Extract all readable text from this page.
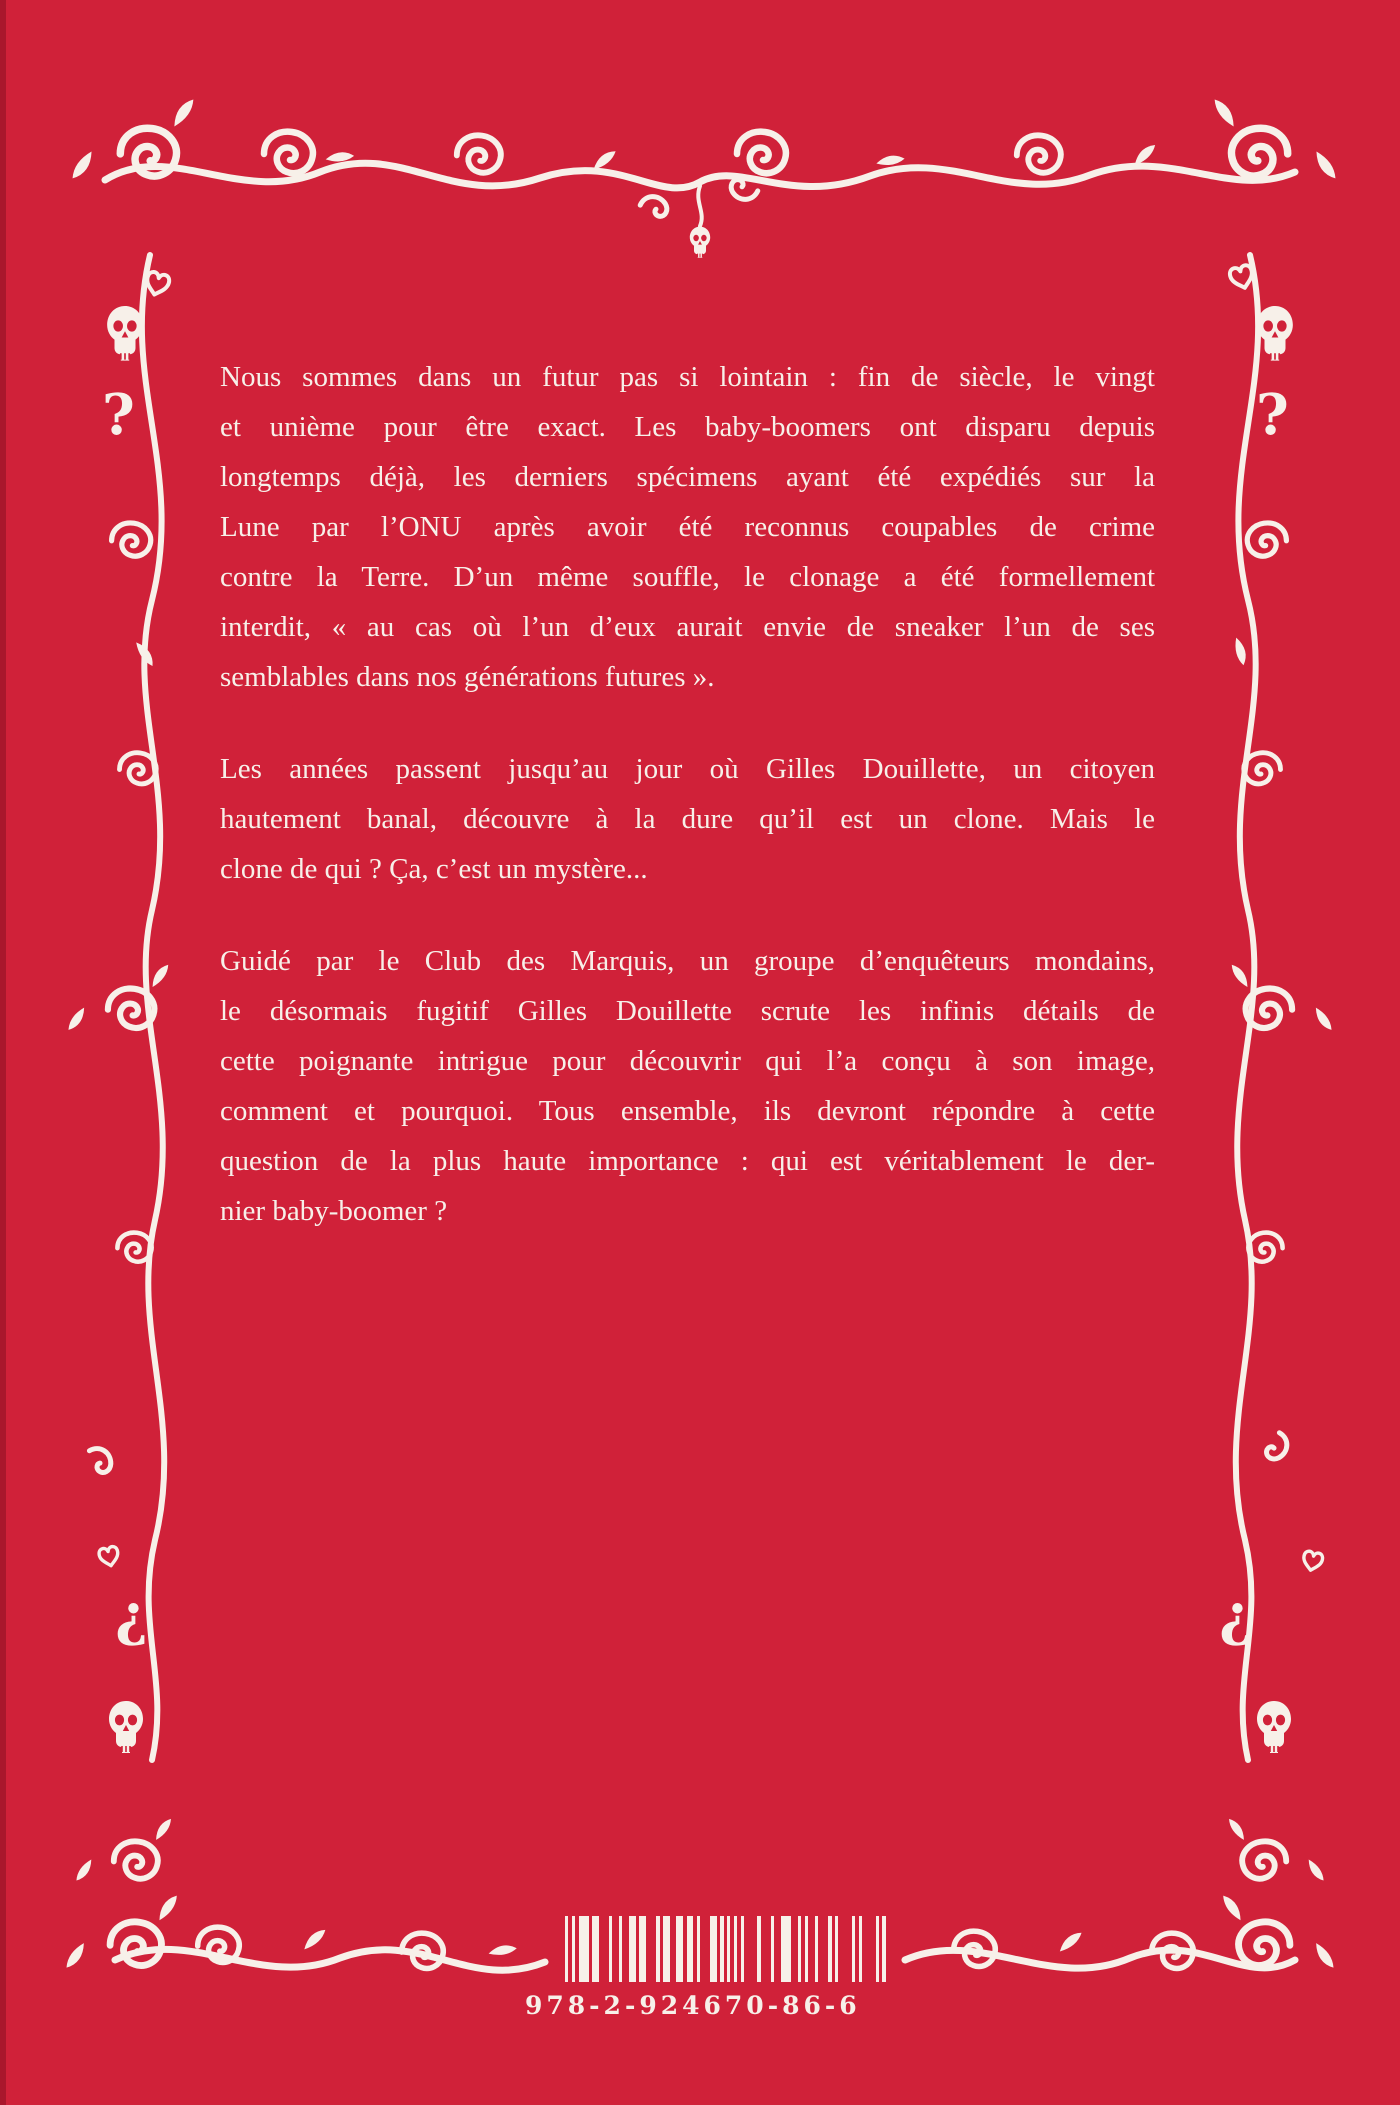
?

Nous sommes dans un futur pas si lointain : fin de siècle, le vingt
et unième pour être exact. Les baby-boomers ont disparu depuis
longtemps déjà, les derniers spécimens ayant été expédiés sur la
Lune par l’ONU après avoir été reconnus coupables de crime
contre la Terre. D’un même souffle, le clonage a été formellement
interdit, « au cas où l’un d’eux aurait envie de sneaker l’un de ses
semblables dans nos générations futures ».

Les années passent jusqu’au jour où Gilles Douillette, un citoyen
hautement banal, découvre à la dure qu’il est un clone. Mais le
clone de qui ? Ça, c’est un mystère...

Guidé par le Club des Marquis, un groupe d’enquêteurs mondains,
le désormais fugitif Gilles Douillette scrute les infinis détails de
cette poignante intrigue pour découvrir qui l’a conçu à son image,
comment et pourquoi. Tous ensemble, ils devront répondre à cette
question de la plus haute importance : qui est véritablement le der-
nier baby-boomer ?

978-2-924670-86-6
